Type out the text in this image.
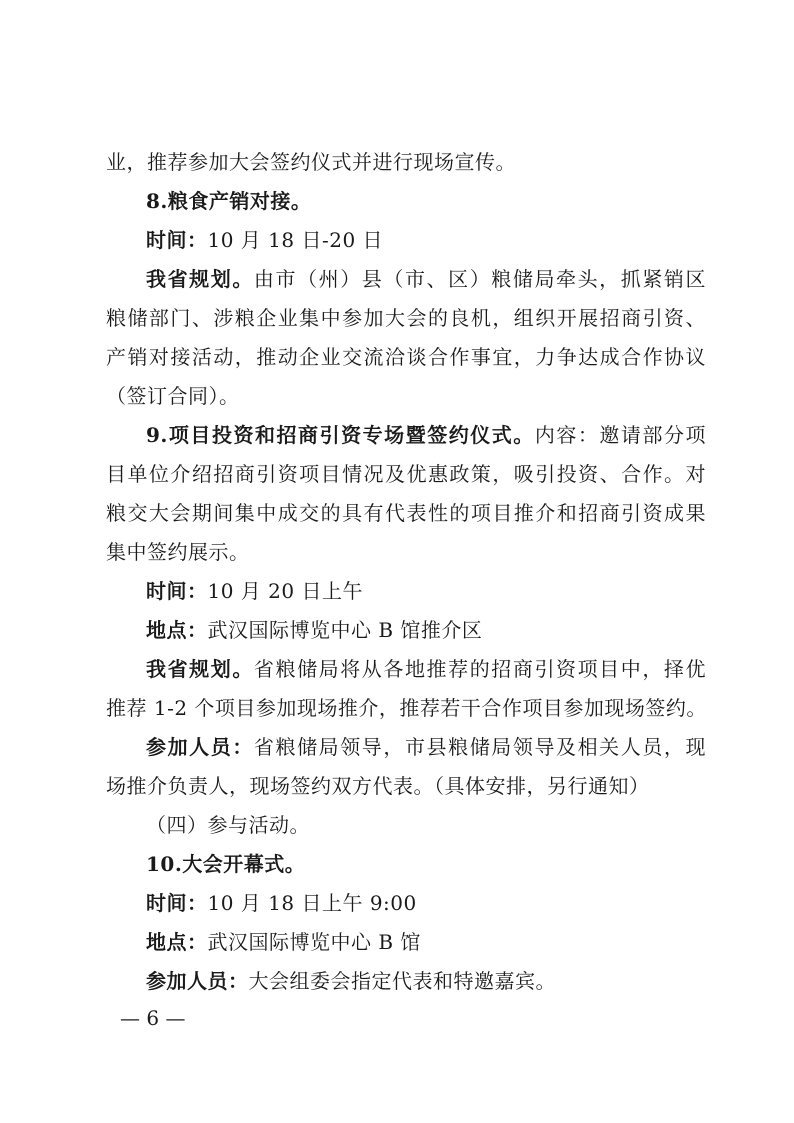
业，推荐参加大会签约仪式并进行现场宣传。
8.粮食产销对接。
时间：10 月 18 日-20 日
我省规划。由市（州）县（市、区）粮储局牵头，抓紧销区
粮储部门、涉粮企业集中参加大会的良机，组织开展招商引资、
产销对接活动，推动企业交流洽谈合作事宜，力争达成合作协议
（签订合同）。
9.项目投资和招商引资专场暨签约仪式。内容：邀请部分项
目单位介绍招商引资项目情况及优惠政策，吸引投资、合作。对
粮交大会期间集中成交的具有代表性的项目推介和招商引资成果
集中签约展示。
时间：10 月 20 日上午
地点：武汉国际博览中心 B 馆推介区
我省规划。省粮储局将从各地推荐的招商引资项目中，择优
推荐 1-2 个项目参加现场推介，推荐若干合作项目参加现场签约。
参加人员：省粮储局领导，市县粮储局领导及相关人员，现
场推介负责人，现场签约双方代表。（具体安排，另行通知）
（四）参与活动。
10.大会开幕式。
时间：10 月 18 日上午 9:00
地点：武汉国际博览中心 B 馆
参加人员：大会组委会指定代表和特邀嘉宾。
— 6 —
